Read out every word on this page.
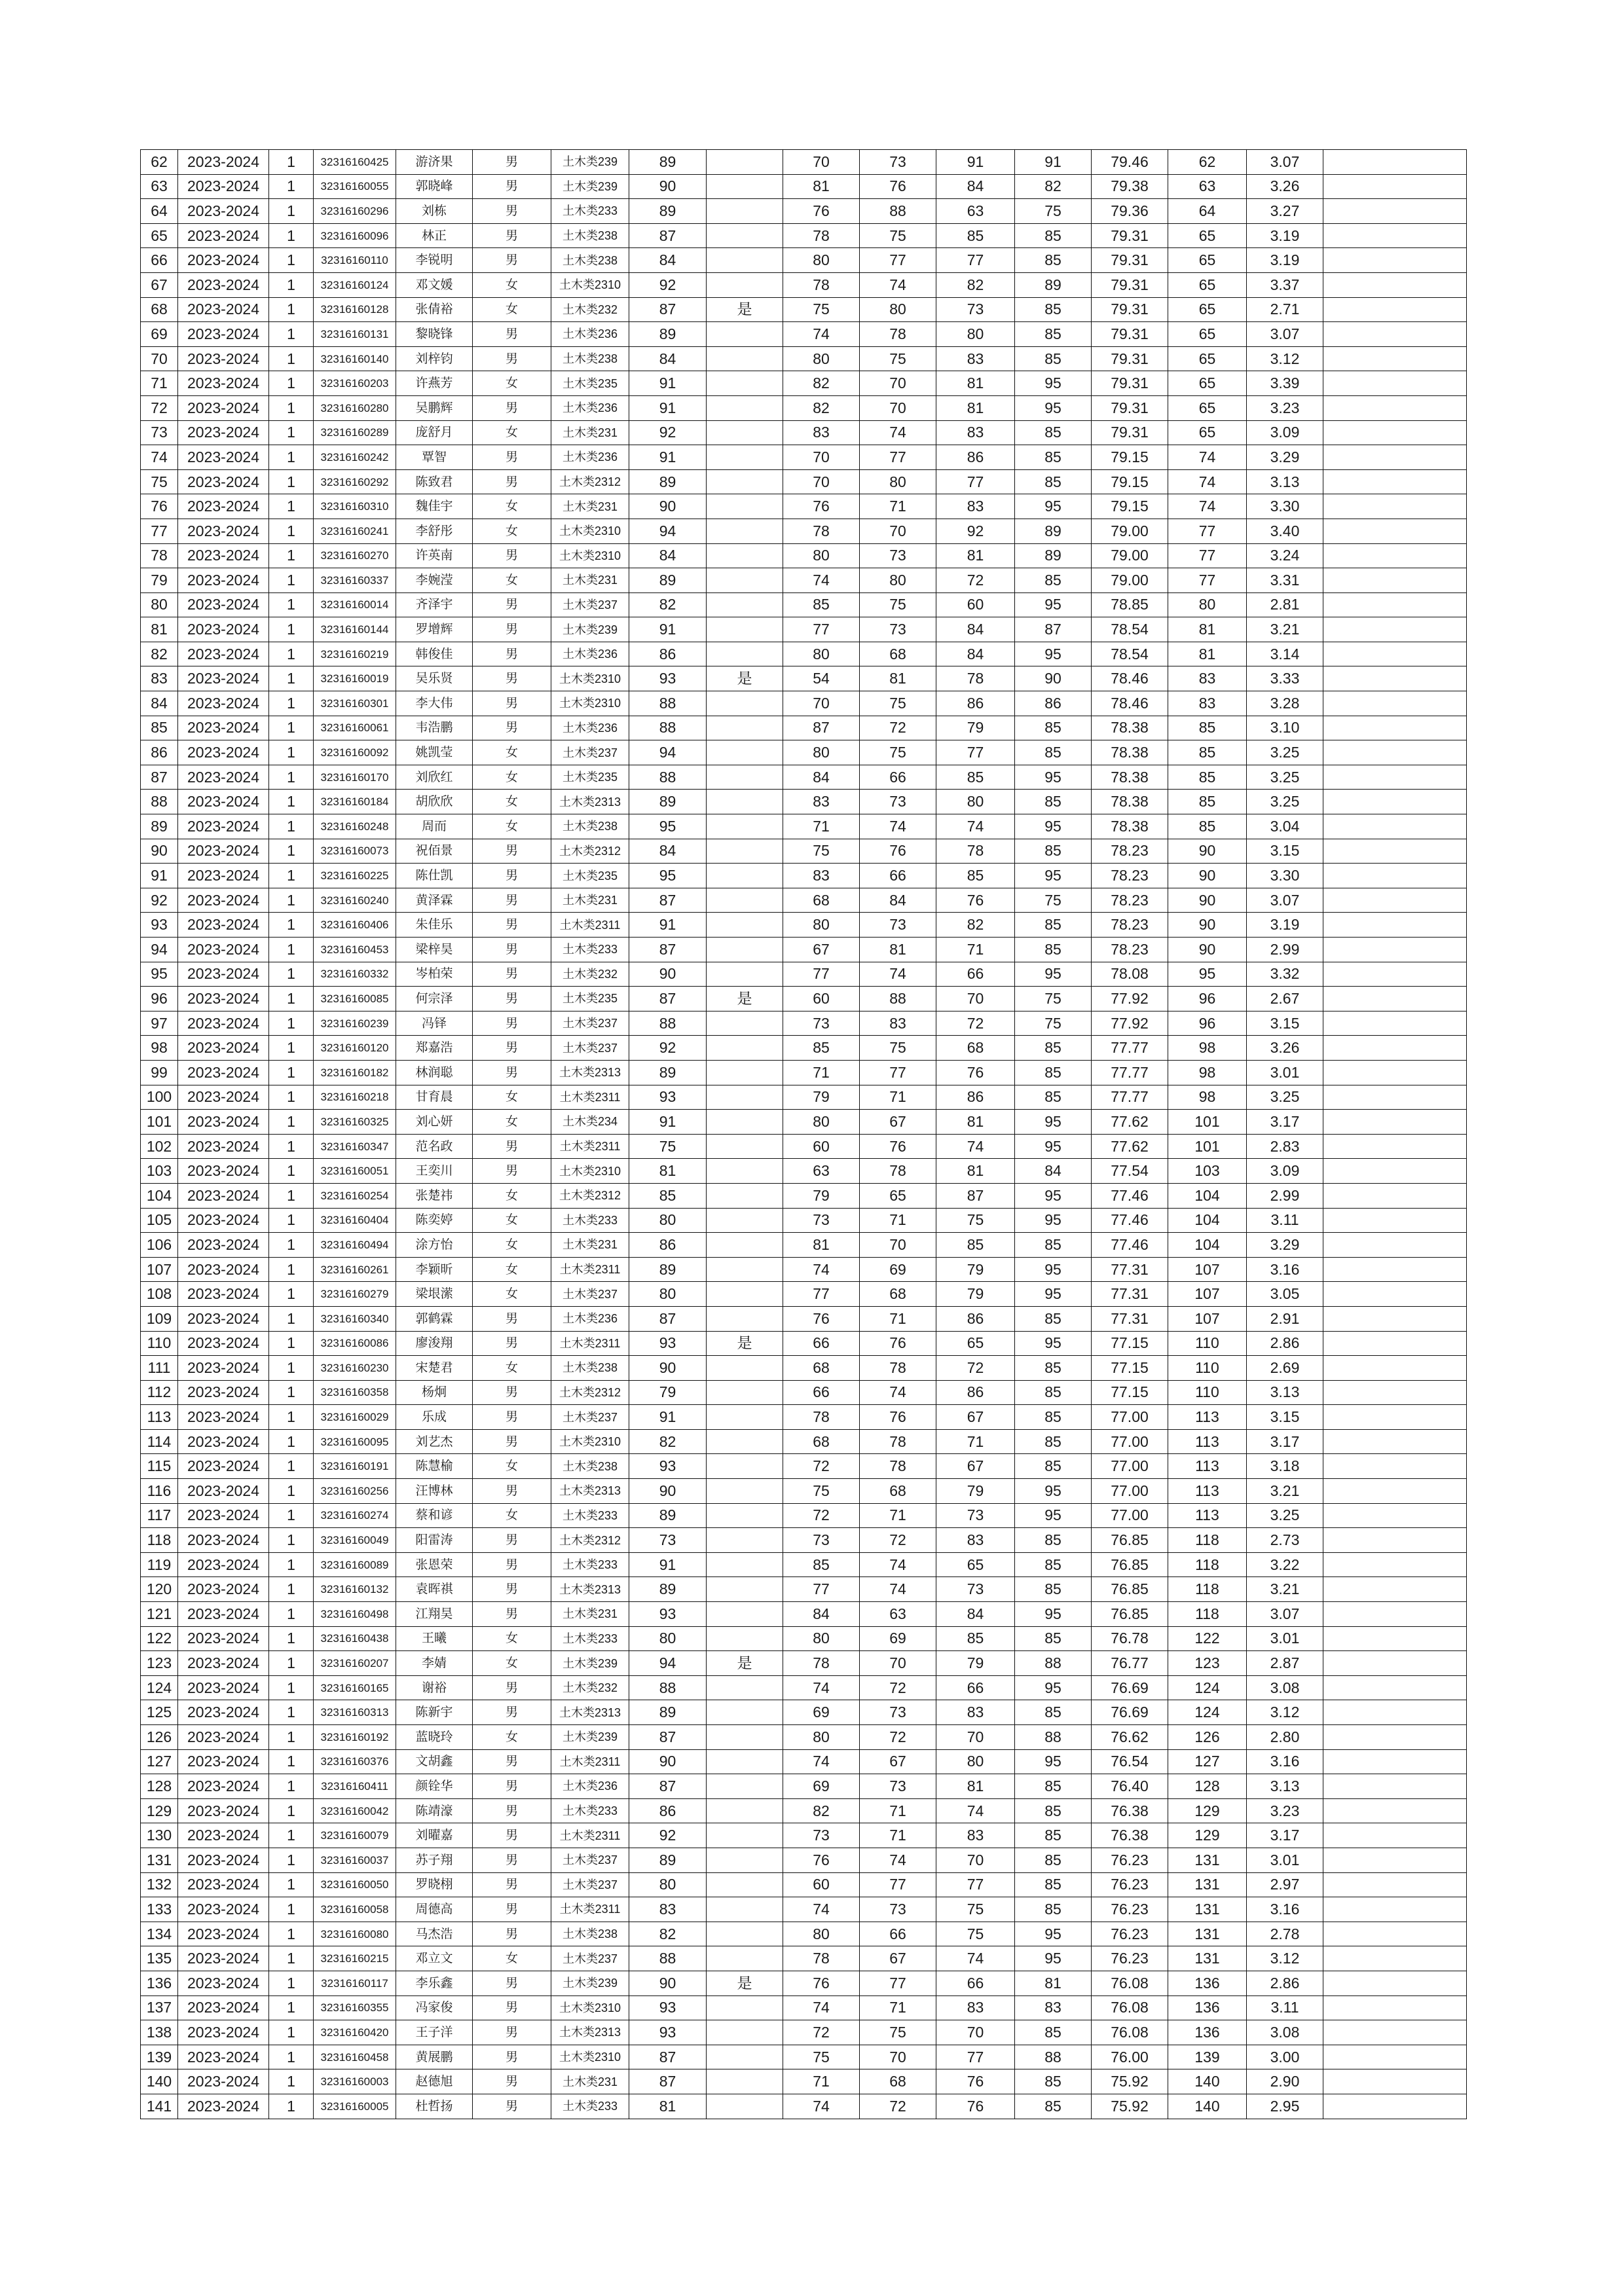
62	2023-2024	1	32316160425	游济果	男	土木类239	89		70	73	91	91	79.46	62	3.07	
63	2023-2024	1	32316160055	郭晓峰	男	土木类239	90		81	76	84	82	79.38	63	3.26	
64	2023-2024	1	32316160296	刘栋	男	土木类233	89		76	88	63	75	79.36	64	3.27	
65	2023-2024	1	32316160096	林正	男	土木类238	87		78	75	85	85	79.31	65	3.19	
66	2023-2024	1	32316160110	李锐明	男	土木类238	84		80	77	77	85	79.31	65	3.19	
67	2023-2024	1	32316160124	邓文媛	女	土木类2310	92		78	74	82	89	79.31	65	3.37	
68	2023-2024	1	32316160128	张倩裕	女	土木类232	87	是	75	80	73	85	79.31	65	2.71	
69	2023-2024	1	32316160131	黎晓锋	男	土木类236	89		74	78	80	85	79.31	65	3.07	
70	2023-2024	1	32316160140	刘梓钧	男	土木类238	84		80	75	83	85	79.31	65	3.12	
71	2023-2024	1	32316160203	许燕芳	女	土木类235	91		82	70	81	95	79.31	65	3.39	
72	2023-2024	1	32316160280	吴鹏辉	男	土木类236	91		82	70	81	95	79.31	65	3.23	
73	2023-2024	1	32316160289	庞舒月	女	土木类231	92		83	74	83	85	79.31	65	3.09	
74	2023-2024	1	32316160242	覃智	男	土木类236	91		70	77	86	85	79.15	74	3.29	
75	2023-2024	1	32316160292	陈致君	男	土木类2312	89		70	80	77	85	79.15	74	3.13	
76	2023-2024	1	32316160310	魏佳宇	女	土木类231	90		76	71	83	95	79.15	74	3.30	
77	2023-2024	1	32316160241	李舒彤	女	土木类2310	94		78	70	92	89	79.00	77	3.40	
78	2023-2024	1	32316160270	许英南	男	土木类2310	84		80	73	81	89	79.00	77	3.24	
79	2023-2024	1	32316160337	李婉滢	女	土木类231	89		74	80	72	85	79.00	77	3.31	
80	2023-2024	1	32316160014	齐泽宇	男	土木类237	82		85	75	60	95	78.85	80	2.81	
81	2023-2024	1	32316160144	罗增辉	男	土木类239	91		77	73	84	87	78.54	81	3.21	
82	2023-2024	1	32316160219	韩俊佳	男	土木类236	86		80	68	84	95	78.54	81	3.14	
83	2023-2024	1	32316160019	吴乐贤	男	土木类2310	93	是	54	81	78	90	78.46	83	3.33	
84	2023-2024	1	32316160301	李大伟	男	土木类2310	88		70	75	86	86	78.46	83	3.28	
85	2023-2024	1	32316160061	韦浩鹏	男	土木类236	88		87	72	79	85	78.38	85	3.10	
86	2023-2024	1	32316160092	姚凯莹	女	土木类237	94		80	75	77	85	78.38	85	3.25	
87	2023-2024	1	32316160170	刘欣红	女	土木类235	88		84	66	85	95	78.38	85	3.25	
88	2023-2024	1	32316160184	胡欣欣	女	土木类2313	89		83	73	80	85	78.38	85	3.25	
89	2023-2024	1	32316160248	周而	女	土木类238	95		71	74	74	95	78.38	85	3.04	
90	2023-2024	1	32316160073	祝佰景	男	土木类2312	84		75	76	78	85	78.23	90	3.15	
91	2023-2024	1	32316160225	陈仕凯	男	土木类235	95		83	66	85	95	78.23	90	3.30	
92	2023-2024	1	32316160240	黄泽霖	男	土木类231	87		68	84	76	75	78.23	90	3.07	
93	2023-2024	1	32316160406	朱佳乐	男	土木类2311	91		80	73	82	85	78.23	90	3.19	
94	2023-2024	1	32316160453	梁梓昊	男	土木类233	87		67	81	71	85	78.23	90	2.99	
95	2023-2024	1	32316160332	岑柏荣	男	土木类232	90		77	74	66	95	78.08	95	3.32	
96	2023-2024	1	32316160085	何宗泽	男	土木类235	87	是	60	88	70	75	77.92	96	2.67	
97	2023-2024	1	32316160239	冯铎	男	土木类237	88		73	83	72	75	77.92	96	3.15	
98	2023-2024	1	32316160120	郑嘉浩	男	土木类237	92		85	75	68	85	77.77	98	3.26	
99	2023-2024	1	32316160182	林润聪	男	土木类2313	89		71	77	76	85	77.77	98	3.01	
100	2023-2024	1	32316160218	甘育晨	女	土木类2311	93		79	71	86	85	77.77	98	3.25	
101	2023-2024	1	32316160325	刘心妍	女	土木类234	91		80	67	81	95	77.62	101	3.17	
102	2023-2024	1	32316160347	范名政	男	土木类2311	75		60	76	74	95	77.62	101	2.83	
103	2023-2024	1	32316160051	王奕川	男	土木类2310	81		63	78	81	84	77.54	103	3.09	
104	2023-2024	1	32316160254	张楚祎	女	土木类2312	85		79	65	87	95	77.46	104	2.99	
105	2023-2024	1	32316160404	陈奕婷	女	土木类233	80		73	71	75	95	77.46	104	3.11	
106	2023-2024	1	32316160494	涂方怡	女	土木类231	86		81	70	85	85	77.46	104	3.29	
107	2023-2024	1	32316160261	李颖昕	女	土木类2311	89		74	69	79	95	77.31	107	3.16	
108	2023-2024	1	32316160279	梁垠潆	女	土木类237	80		77	68	79	95	77.31	107	3.05	
109	2023-2024	1	32316160340	郭鹤霖	男	土木类236	87		76	71	86	85	77.31	107	2.91	
110	2023-2024	1	32316160086	廖浚翔	男	土木类2311	93	是	66	76	65	95	77.15	110	2.86	
111	2023-2024	1	32316160230	宋楚君	女	土木类238	90		68	78	72	85	77.15	110	2.69	
112	2023-2024	1	32316160358	杨炯	男	土木类2312	79		66	74	86	85	77.15	110	3.13	
113	2023-2024	1	32316160029	乐成	男	土木类237	91		78	76	67	85	77.00	113	3.15	
114	2023-2024	1	32316160095	刘艺杰	男	土木类2310	82		68	78	71	85	77.00	113	3.17	
115	2023-2024	1	32316160191	陈慧榆	女	土木类238	93		72	78	67	85	77.00	113	3.18	
116	2023-2024	1	32316160256	汪博林	男	土木类2313	90		75	68	79	95	77.00	113	3.21	
117	2023-2024	1	32316160274	蔡和谚	女	土木类233	89		72	71	73	95	77.00	113	3.25	
118	2023-2024	1	32316160049	阳雷涛	男	土木类2312	73		73	72	83	85	76.85	118	2.73	
119	2023-2024	1	32316160089	张恩荣	男	土木类233	91		85	74	65	85	76.85	118	3.22	
120	2023-2024	1	32316160132	袁晖祺	男	土木类2313	89		77	74	73	85	76.85	118	3.21	
121	2023-2024	1	32316160498	江翔昊	男	土木类231	93		84	63	84	95	76.85	118	3.07	
122	2023-2024	1	32316160438	王曦	女	土木类233	80		80	69	85	85	76.78	122	3.01	
123	2023-2024	1	32316160207	李婧	女	土木类239	94	是	78	70	79	88	76.77	123	2.87	
124	2023-2024	1	32316160165	谢裕	男	土木类232	88		74	72	66	95	76.69	124	3.08	
125	2023-2024	1	32316160313	陈新宇	男	土木类2313	89		69	73	83	85	76.69	124	3.12	
126	2023-2024	1	32316160192	蓝晓玲	女	土木类239	87		80	72	70	88	76.62	126	2.80	
127	2023-2024	1	32316160376	文胡鑫	男	土木类2311	90		74	67	80	95	76.54	127	3.16	
128	2023-2024	1	32316160411	颜铨华	男	土木类236	87		69	73	81	85	76.40	128	3.13	
129	2023-2024	1	32316160042	陈靖濠	男	土木类233	86		82	71	74	85	76.38	129	3.23	
130	2023-2024	1	32316160079	刘曜嘉	男	土木类2311	92		73	71	83	85	76.38	129	3.17	
131	2023-2024	1	32316160037	苏子翔	男	土木类237	89		76	74	70	85	76.23	131	3.01	
132	2023-2024	1	32316160050	罗晓栩	男	土木类237	80		60	77	77	85	76.23	131	2.97	
133	2023-2024	1	32316160058	周德高	男	土木类2311	83		74	73	75	85	76.23	131	3.16	
134	2023-2024	1	32316160080	马杰浩	男	土木类238	82		80	66	75	95	76.23	131	2.78	
135	2023-2024	1	32316160215	邓立文	女	土木类237	88		78	67	74	95	76.23	131	3.12	
136	2023-2024	1	32316160117	李乐鑫	男	土木类239	90	是	76	77	66	81	76.08	136	2.86	
137	2023-2024	1	32316160355	冯家俊	男	土木类2310	93		74	71	83	83	76.08	136	3.11	
138	2023-2024	1	32316160420	王子洋	男	土木类2313	93		72	75	70	85	76.08	136	3.08	
139	2023-2024	1	32316160458	黄展鹏	男	土木类2310	87		75	70	77	88	76.00	139	3.00	
140	2023-2024	1	32316160003	赵德旭	男	土木类231	87		71	68	76	85	75.92	140	2.90	
141	2023-2024	1	32316160005	杜哲扬	男	土木类233	81		74	72	76	85	75.92	140	2.95	
